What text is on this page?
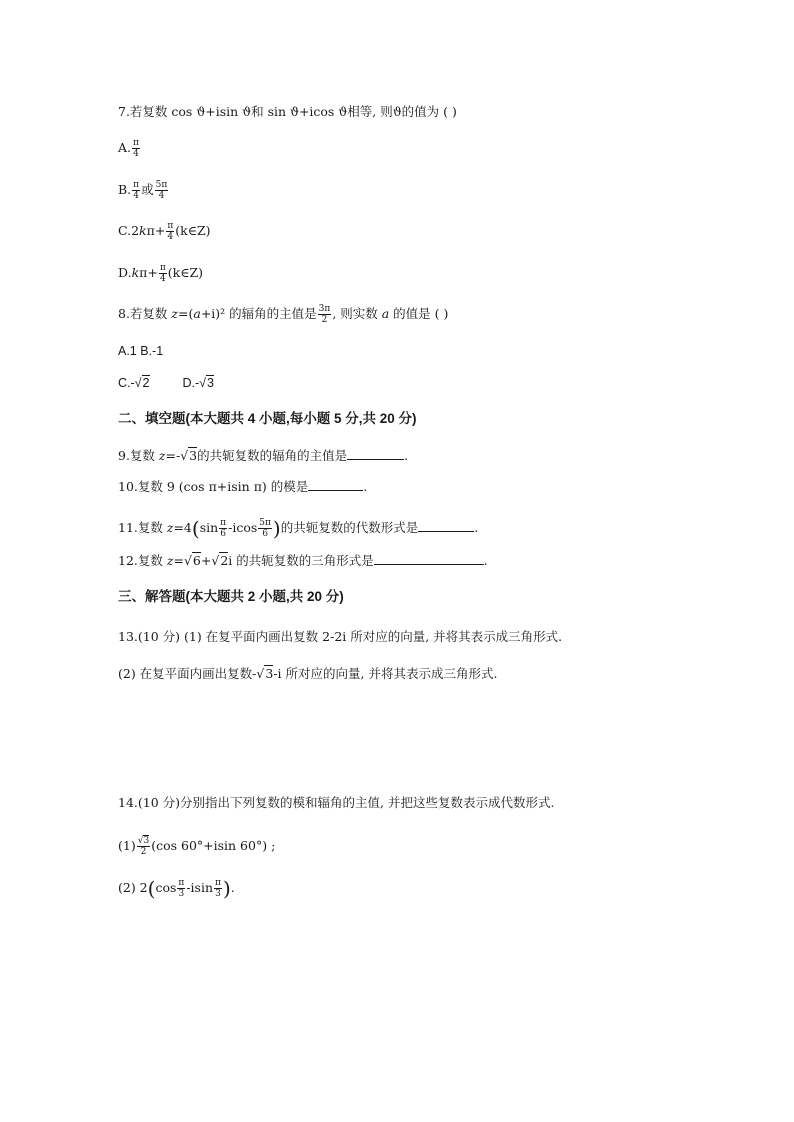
7.若复数 cos ϑ+isin ϑ和 sin ϑ+icos ϑ相等, 则ϑ的值为 ( )
A. $\frac{\pi}{4}$
B. $\frac{\pi}{4}$ 或 $\frac{5\pi}{4}$
$C.2k\pi+ \frac{\pi}{4}$ (k∈Z)
$D.k\pi+ \frac{\pi}{4}$ (k∈Z)
8.若复数 z=(a+i)² 的辐角的主值是 $\frac{3\pi}{2}$ , 则实数 a 的值是 ( )
A.1 B.-1
C.-√2	D.-√3
二、填空题(本大题共 4 小题,每小题 5 分,共 20 分)
9.复数 z=-√3的共轭复数的辐角的主值是	.
10.复数 9 (cos π+isin π) 的模是	.
11.复数 $z=4(\sin \frac{\pi}{6} -icos \frac{5\pi}{6}$ )的共轭复数的代数形式是	.
12.复数 z=√6+√2i 的共轭复数的三角形式是	.
三、解答题(本大题共 2 小题,共 20 分)
13.(10 分) (1) 在复平面内画出复数 2-2i 所对应的向量, 并将其表示成三角形式.
(2) 在复平面内画出复数-√3-i 所对应的向量, 并将其表示成三角形式.
14.(10 分)分别指出下列复数的模和辐角的主值, 并把这些复数表示成代数形式.
$(1) \frac{√3}{2} (\cos$ 60°+isin 60°) ;
(2) $2(\cos \frac{\pi}{3} -isin \frac{\pi}{3}$ ).
